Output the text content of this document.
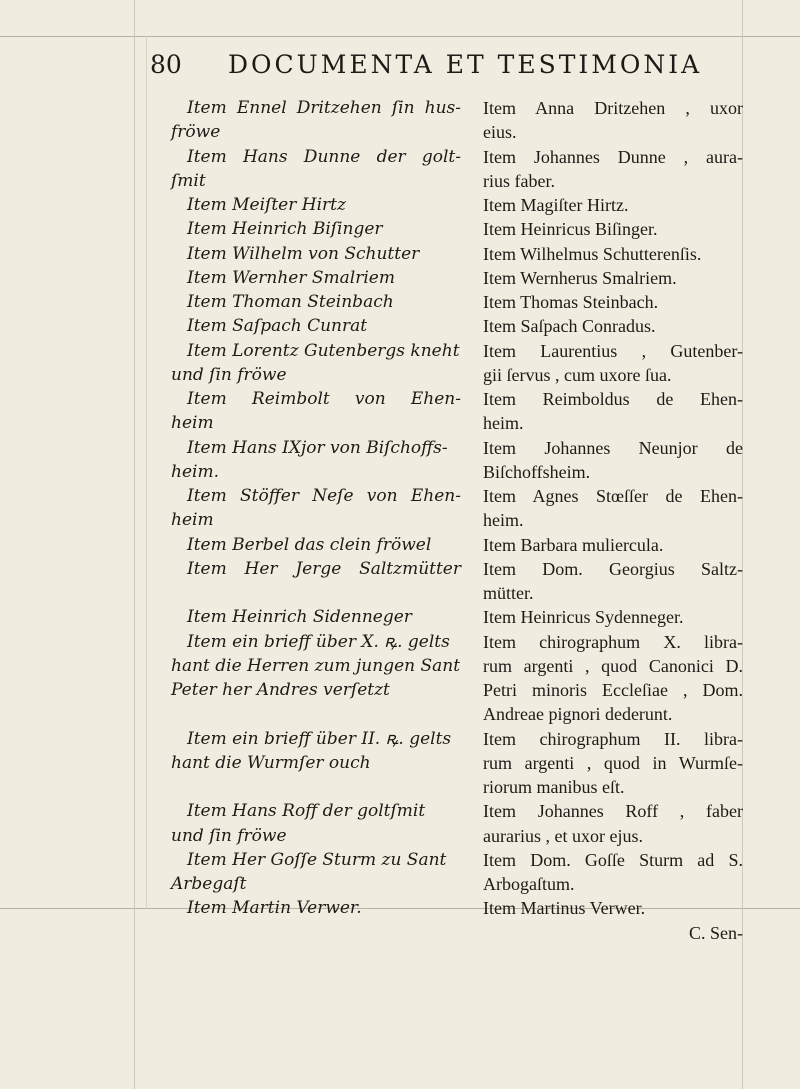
80	DOCUMENTA ET TESTIMONIA
Item Ennel Dritzehen ſin hus-
fröwe
Item Hans Dunne der golt-
ſmit
Item Meiſter Hirtz
Item Heinrich Biſinger
Item Wilhelm von Schutter
Item Wernher Smalriem
Item Thoman Steinbach
Item Saſpach Cunrat
Item Lorentz Gutenbergs kneht
und ſin fröwe
Item Reimbolt von Ehen-
heim
Item Hans IXjor von Biſchoffs-
heim.
Item Stöffer Neſe von Ehen-
heim
Item Berbel das clein fröwel
Item Her Jerge Saltzmütter
Item Heinrich Sidenneger
Item ein brieff über X. ꝶ. gelts
hant die Herren zum jungen Sant
Peter her Andres verſetzt
Item ein brieff über II. ꝶ. gelts
hant die Wurmſer ouch
Item Hans Roff der goltſmit
und ſin fröwe
Item Her Goſſe Sturm zu Sant
Arbegaſt
Item Martin Verwer.
Item Anna Dritzehen , uxor
eius.
Item Johannes Dunne , aura-
rius faber.
Item Magiſter Hirtz.
Item Heinricus Biſinger.
Item Wilhelmus Schutterenſis.
Item Wernherus Smalriem.
Item Thomas Steinbach.
Item Saſpach Conradus.
Item Laurentius , Gutenber-
gii ſervus , cum uxore ſua.
Item Reimboldus de Ehen-
heim.
Item Johannes Neunjor de
Biſchoffsheim.
Item Agnes Stœſſer de Ehen-
heim.
Item Barbara muliercula.
Item Dom. Georgius Saltz-
mütter.
Item Heinricus Sydenneger.
Item chirographum X. libra-
rum argenti , quod Canonici D.
Petri minoris Eccleſiae , Dom.
Andreae pignori dederunt.
Item chirographum II. libra-
rum argenti , quod in Wurmſe-
riorum manibus eſt.
Item Johannes Roff , faber
aurarius , et uxor ejus.
Item Dom. Goſſe Sturm ad S.
Arbogaſtum.
Item Martinus Verwer.
C. Sen-
